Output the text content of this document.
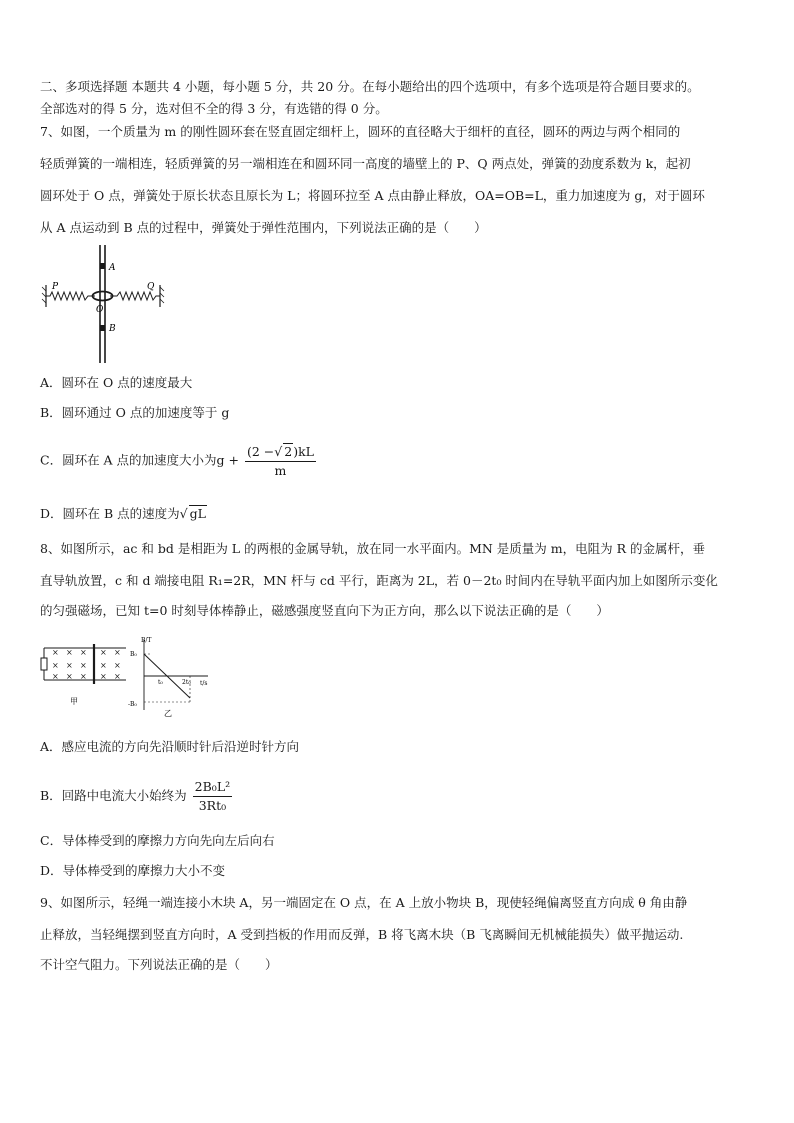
二、多项选择题 本题共 4 小题，每小题 5 分，共 20 分。在每小题给出的四个选项中，有多个选项是符合题目要求的。
全部选对的得 5 分，选对但不全的得 3 分，有选错的得 0 分。
7、如图，一个质量为 m 的刚性圆环套在竖直固定细杆上，圆环的直径略大于细杆的直径，圆环的两边与两个相同的
轻质弹簧的一端相连，轻质弹簧的另一端相连在和圆环同一高度的墙壁上的 P、Q 两点处，弹簧的劲度系数为 k，起初
圆环处于 O 点，弹簧处于原长状态且原长为 L；将圆环拉至 A 点由静止释放，OA=OB=L，重力加速度为 g，对于圆环
从 A 点运动到 B 点的过程中，弹簧处于弹性范围内，下列说法正确的是（　　）
A
B
O
P	Q
A．圆环在 O 点的速度最大
B．圆环通过 O 点的加速度等于 g
C．圆环在 A 点的加速度大小为$g + \frac{(2 -√ 2)kL}{m}$
D．圆环在 B 点的速度为√ gL
8、如图所示，ac 和 bd 是相距为 L 的两根的金属导轨，放在同一水平面内。MN 是质量为 m，电阻为 R 的金属杆，垂
直导轨放置，c 和 d 端接电阻 R₁=2R，MN 杆与 cd 平行，距离为 2L，若 0－2t₀ 时间内在导轨平面内加上如图所示变化
的匀强磁场，已知 t=0 时刻导体棒静止，磁感强度竖直向下为正方向，那么以下说法正确的是（　　）
× × × × ×
× × × × ×
× × × × ×
甲
B/T
t/s
B₀
-B₀
t₀	2t₀
乙
A．感应电流的方向先沿顺时针后沿逆时针方向
B．回路中电流大小始终为 $\frac{\text{2B₀L²}}{\text{3Rt₀}}$
C．导体棒受到的摩擦力方向先向左后向右
D．导体棒受到的摩擦力大小不变
9、如图所示，轻绳一端连接小木块 A，另一端固定在 O 点，在 A 上放小物块 B，现使轻绳偏离竖直方向成 θ 角由静
止释放，当轻绳摆到竖直方向时，A 受到挡板的作用而反弹，B 将飞离木块（B 飞离瞬间无机械能损失）做平抛运动.
不计空气阻力。下列说法正确的是（　　）
